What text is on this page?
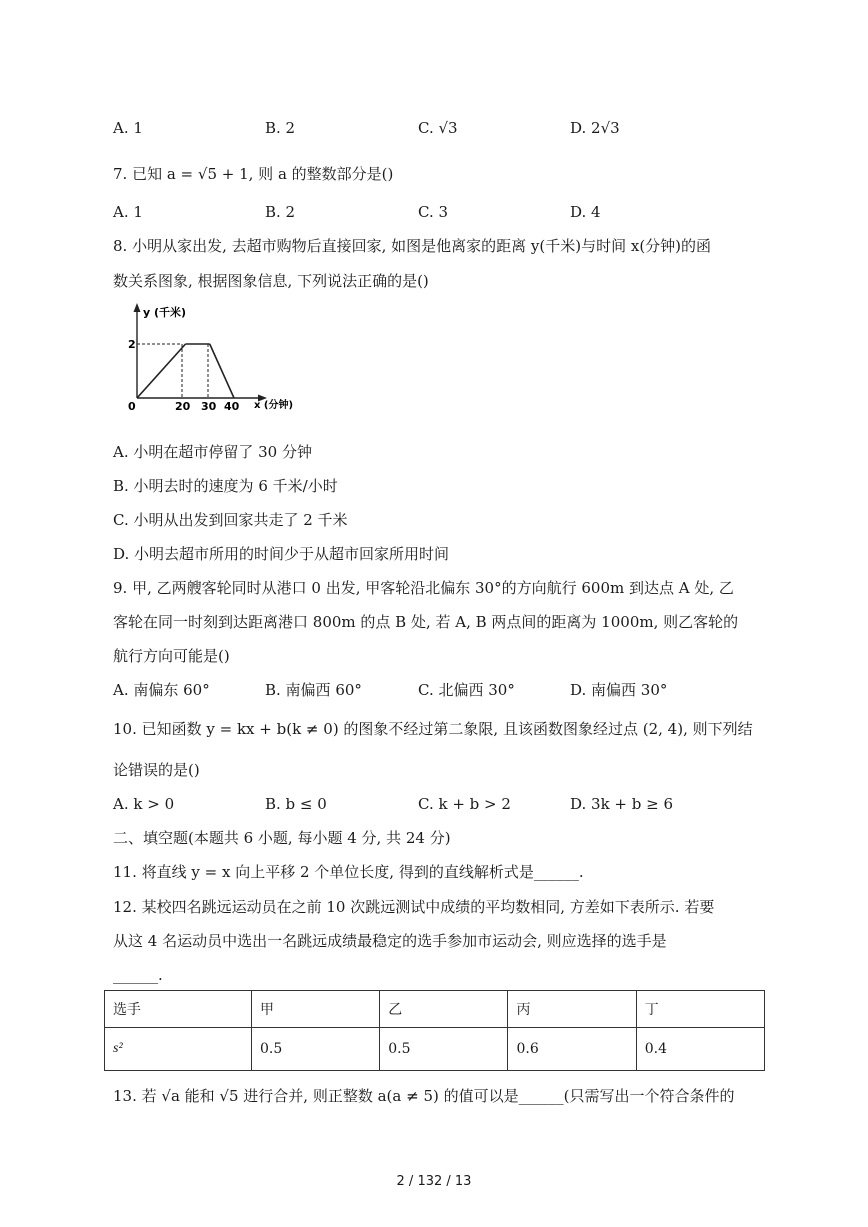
A. 1	B. 2	C. √3	D. 2√3
7. 已知 a = √5 + 1, 则 a 的整数部分是()
A. 1	B. 2	C. 3	D. 4
8. 小明从家出发, 去超市购物后直接回家, 如图是他离家的距离 y(千米)与时间 x(分钟)的函
数关系图象, 根据图象信息, 下列说法正确的是()
y (千米)
2
0	20 30 40 x (分钟)
A. 小明在超市停留了 30 分钟
B. 小明去时的速度为 6 千米/小时
C. 小明从出发到回家共走了 2 千米
D. 小明去超市所用的时间少于从超市回家所用时间
9. 甲, 乙两艘客轮同时从港口 0 出发, 甲客轮沿北偏东 30°的方向航行 600m 到达点 A 处, 乙
客轮在同一时刻到达距离港口 800m 的点 B 处, 若 A, B 两点间的距离为 1000m, 则乙客轮的
航行方向可能是()
A. 南偏东 60°	B. 南偏西 60°	C. 北偏西 30°	D. 南偏西 30°
10. 已知函数 y = kx + b(k ≠ 0) 的图象不经过第二象限, 且该函数图象经过点 (2, 4), 则下列结
论错误的是()
A. k > 0	B. b ≤ 0	C. k + b > 2	D. 3k + b ≥ 6
二、填空题(本题共 6 小题, 每小题 4 分, 共 24 分)
11. 将直线 y = x 向上平移 2 个单位长度, 得到的直线解析式是______.
12. 某校四名跳远运动员在之前 10 次跳远测试中成绩的平均数相同, 方差如下表所示. 若要
从这 4 名运动员中选出一名跳远成绩最稳定的选手参加市运动会, 则应选择的选手是
______.
选手	甲	乙	丙	丁
s²	0.5	0.5	0.6	0.4
13. 若 √a 能和 √5 进行合并, 则正整数 a(a ≠ 5) 的值可以是______(只需写出一个符合条件的
2 / 132 / 13
